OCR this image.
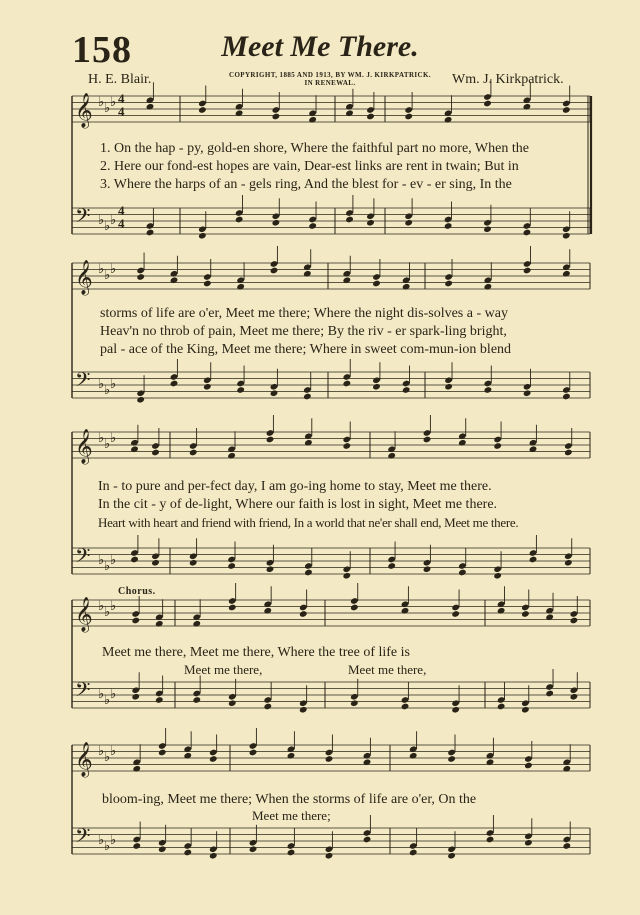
158	Meet Me There.
H. E. Blair.	COPYRIGHT, 1885 AND 1913, BY WM. J. KIRKPATRICK.
IN RENEWAL.	Wm. J. Kirkpatrick.
𝄞
𝄢
♭
♭
♭
♭
♭
♭
𝄞
𝄢
♭
♭
♭
♭
♭
♭
𝄞
𝄢
♭
♭
♭
♭
♭
♭
𝄞
𝄢
♭
♭
♭
♭
♭
♭
𝄞
𝄢
♭
♭
♭
♭
♭
♭
4
4
4
4
1. On the hap - py, gold-en shore, Where the faithful part no more, When the
2. Here our fond-est hopes are vain, Dear-est links are rent in twain; But in
3. Where the harps of an - gels ring, And the blest for - ev - er sing, In the
storms of life are o'er, Meet me there; Where the night dis-solves a - way
Heav'n no throb of pain, Meet me there; By the riv - er spark-ling bright,
pal - ace of the King, Meet me there; Where in sweet com-mun-ion blend
In - to pure and per-fect day, I am go-ing home to stay, Meet me there.
In the cit - y of de-light, Where our faith is lost in sight, Meet me there.
Heart with heart and friend with friend, In a world that ne'er shall end, Meet me there.
Chorus.
Meet me there, Meet me there, Where the tree of life is
Meet me there,	Meet me there,
bloom-ing, Meet me there; When the storms of life are o'er, On the
Meet me there;
